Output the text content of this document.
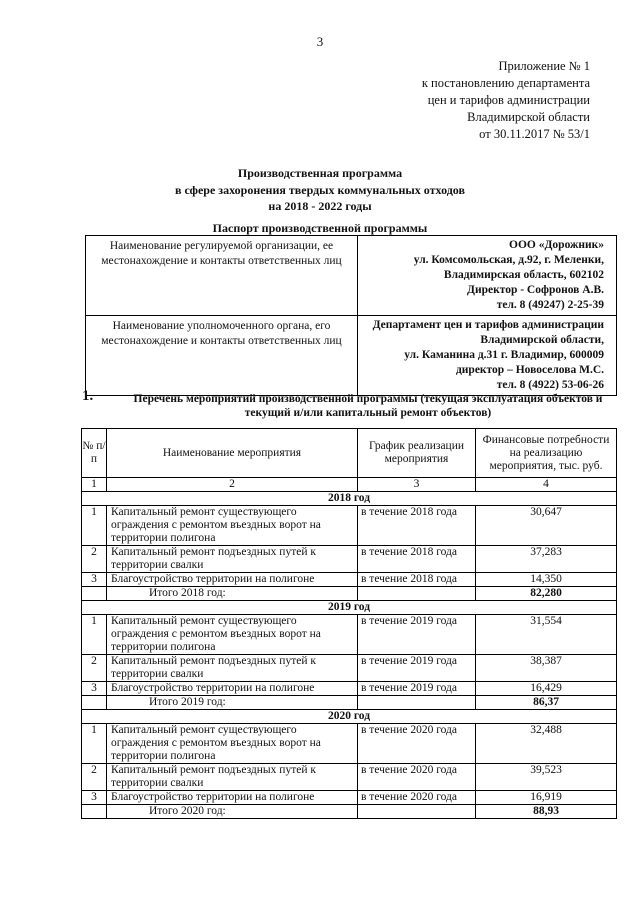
3
Приложение № 1
к постановлению департамента
цен и тарифов администрации
Владимирской области
от 30.11.2017 № 53/1
Производственная программа
в сфере захоронения твердых коммунальных отходов
на 2018 - 2022 годы
Паспорт производственной программы
Наименование регулируемой организации, ее местонахождение и контакты ответственных лиц	ООО «Дорожник»
ул. Комсомольская, д.92, г. Меленки,
Владимирская область, 602102
Директор - Софронов А.В.
тел. 8 (49247) 2-25-39

Наименование уполномоченного органа, его местонахождение и контакты ответственных лиц	Департамент цен и тарифов администрации
Владимирской области,
ул. Каманина д.31 г. Владимир, 600009
директор – Новоселова М.С.
тел. 8 (4922) 53-06-26
1.	Перечень мероприятий производственной программы (текущая эксплуатация объектов и текущий и/или капитальный ремонт объектов)
№ п/п	Наименование мероприятия	График реализации мероприятия	Финансовые потребности на реализацию мероприятия, тыс. руб.
1	2	3	4
2018 год			
1	Капитальный ремонт существующего ограждения с ремонтом въездных ворот на территории полигона	в течение 2018 года	30,647
2	Капитальный ремонт подъездных путей к территории свалки	в течение 2018 года	37,283
3	Благоустройство территории на полигоне	в течение 2018 года	14,350
	Итого 2018 год:		82,280
2019 год			
1	Капитальный ремонт существующего ограждения с ремонтом въездных ворот на территории полигона	в течение 2019 года	31,554
2	Капитальный ремонт подъездных путей к территории свалки	в течение 2019 года	38,387
3	Благоустройство территории на полигоне	в течение 2019 года	16,429
	Итого 2019 год:		86,37
2020 год			
1	Капитальный ремонт существующего ограждения с ремонтом въездных ворот на территории полигона	в течение 2020 года	32,488
2	Капитальный ремонт подъездных путей к территории свалки	в течение 2020 года	39,523
3	Благоустройство территории на полигоне	в течение 2020 года	16,919
	Итого 2020 год:		88,93
